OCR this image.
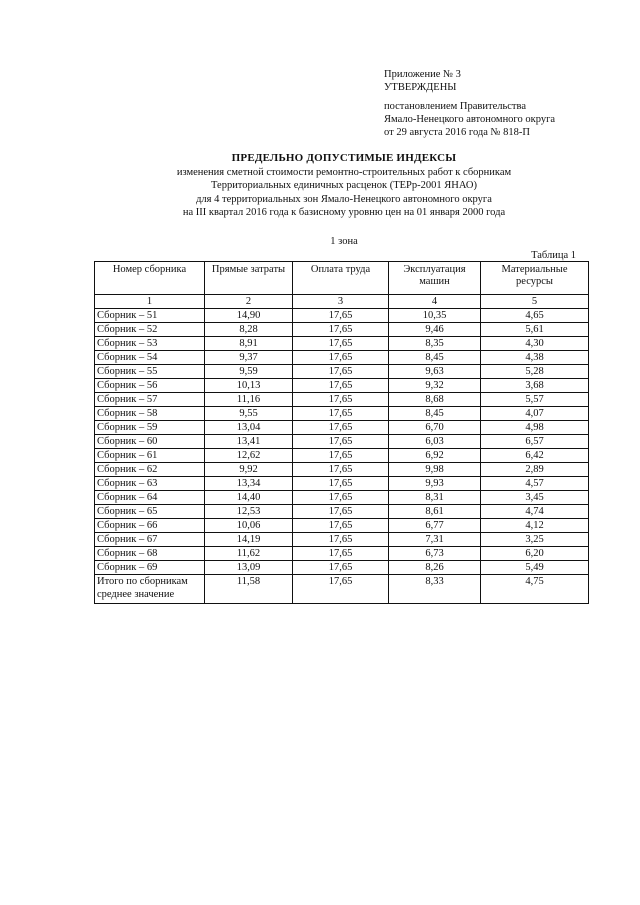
Приложение № 3
УТВЕРЖДЕНЫ
постановлением Правительства
Ямало-Ненецкого автономного округа
от 29 августа 2016 года № 818-П
ПРЕДЕЛЬНО ДОПУСТИМЫЕ ИНДЕКСЫ
изменения сметной стоимости ремонтно-строительных работ к сборникам
Территориальных единичных расценок (ТЕРр-2001 ЯНАО)
для 4 территориальных зон Ямало-Ненецкого автономного округа
на III квартал 2016 года к базисному уровню цен на 01 января 2000 года
1 зона
Таблица 1
Номер сборника	Прямые затраты	Оплата труда	Эксплуатация машин	Материальные ресурсы
1	2	3	4	5
Сборник – 51	14,90	17,65	10,35	4,65
Сборник – 52	8,28	17,65	9,46	5,61
Сборник – 53	8,91	17,65	8,35	4,30
Сборник – 54	9,37	17,65	8,45	4,38
Сборник – 55	9,59	17,65	9,63	5,28
Сборник – 56	10,13	17,65	9,32	3,68
Сборник – 57	11,16	17,65	8,68	5,57
Сборник – 58	9,55	17,65	8,45	4,07
Сборник – 59	13,04	17,65	6,70	4,98
Сборник – 60	13,41	17,65	6,03	6,57
Сборник – 61	12,62	17,65	6,92	6,42
Сборник – 62	9,92	17,65	9,98	2,89
Сборник – 63	13,34	17,65	9,93	4,57
Сборник – 64	14,40	17,65	8,31	3,45
Сборник – 65	12,53	17,65	8,61	4,74
Сборник – 66	10,06	17,65	6,77	4,12
Сборник – 67	14,19	17,65	7,31	3,25
Сборник – 68	11,62	17,65	6,73	6,20
Сборник – 69	13,09	17,65	8,26	5,49

Итого по сборникам
среднее значение	11,58	17,65	8,33	4,75
